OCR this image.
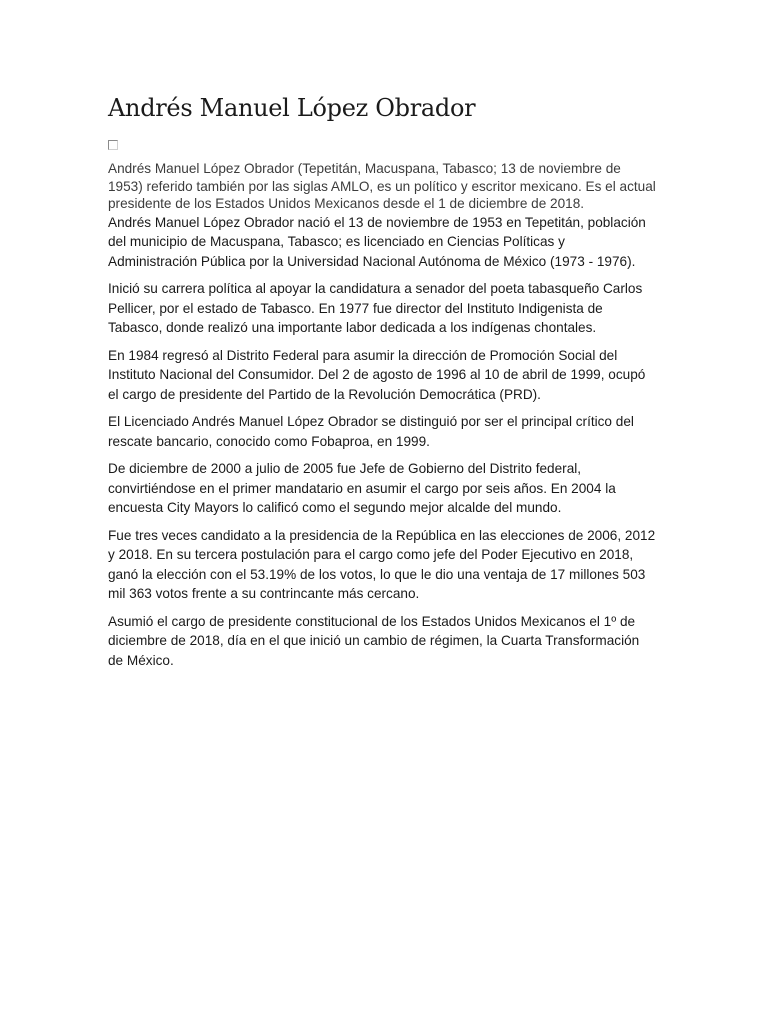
Andrés Manuel López Obrador

Andrés Manuel López Obrador (Tepetitán, Macuspana, Tabasco; 13 de noviembre de 1953) referido también por las siglas AMLO, es un político y escritor mexicano. Es el actual presidente de los Estados Unidos Mexicanos desde el 1 de diciembre de 2018.

Andrés Manuel López Obrador nació el 13 de noviembre de 1953 en Tepetitán, población del municipio de Macuspana, Tabasco; es licenciado en Ciencias Políticas y Administración Pública por la Universidad Nacional Autónoma de México (1973 - 1976).

Inició su carrera política al apoyar la candidatura a senador del poeta tabasqueño Carlos Pellicer, por el estado de Tabasco. En 1977 fue director del Instituto Indigenista de Tabasco, donde realizó una importante labor dedicada a los indígenas chontales.

En 1984 regresó al Distrito Federal para asumir la dirección de Promoción Social del Instituto Nacional del Consumidor. Del 2 de agosto de 1996 al 10 de abril de 1999, ocupó el cargo de presidente del Partido de la Revolución Democrática (PRD).

El Licenciado Andrés Manuel López Obrador se distinguió por ser el principal crítico del rescate bancario, conocido como Fobaproa, en 1999.

De diciembre de 2000 a julio de 2005 fue Jefe de Gobierno del Distrito federal, convirtiéndose en el primer mandatario en asumir el cargo por seis años. En 2004 la encuesta City Mayors lo calificó como el segundo mejor alcalde del mundo.

Fue tres veces candidato a la presidencia de la República en las elecciones de 2006, 2012 y 2018. En su tercera postulación para el cargo como jefe del Poder Ejecutivo en 2018, ganó la elección con el 53.19% de los votos, lo que le dio una ventaja de 17 millones 503 mil 363 votos frente a su contrincante más cercano.

Asumió el cargo de presidente constitucional de los Estados Unidos Mexicanos el 1º de diciembre de 2018, día en el que inició un cambio de régimen, la Cuarta Transformación de México.
